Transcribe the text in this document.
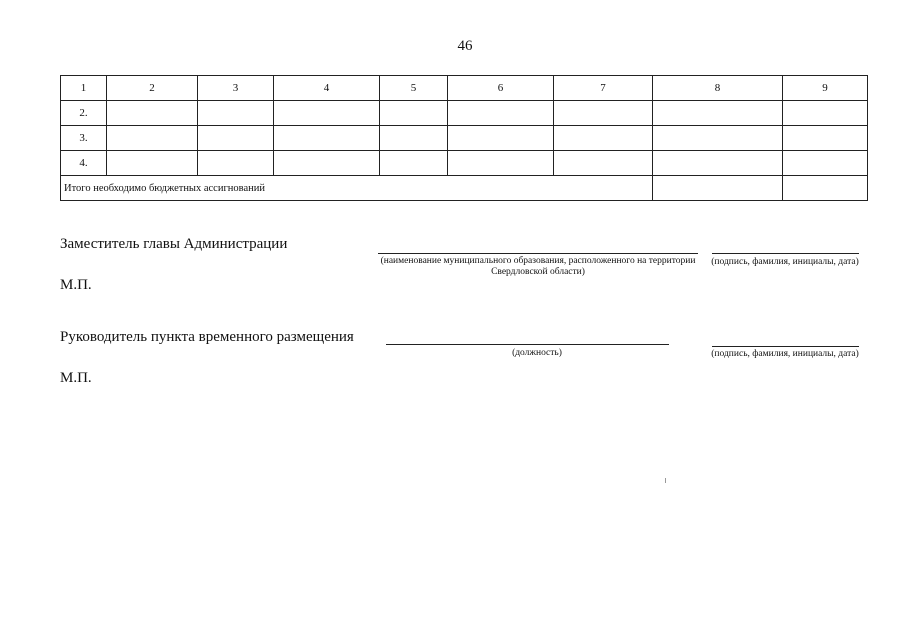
46
1	2	3	4	5	6	7	8	9
2.								
3.								
4.								
Итого необходимо бюджетных ассигнований								
Заместитель главы Администрации
(наименование муниципального образования, расположенного на территории Свердловской области)
(подпись, фамилия, инициалы, дата)
М.П.
Руководитель пункта временного размещения
(должность)	(подпись, фамилия, инициалы, дата)
М.П.
